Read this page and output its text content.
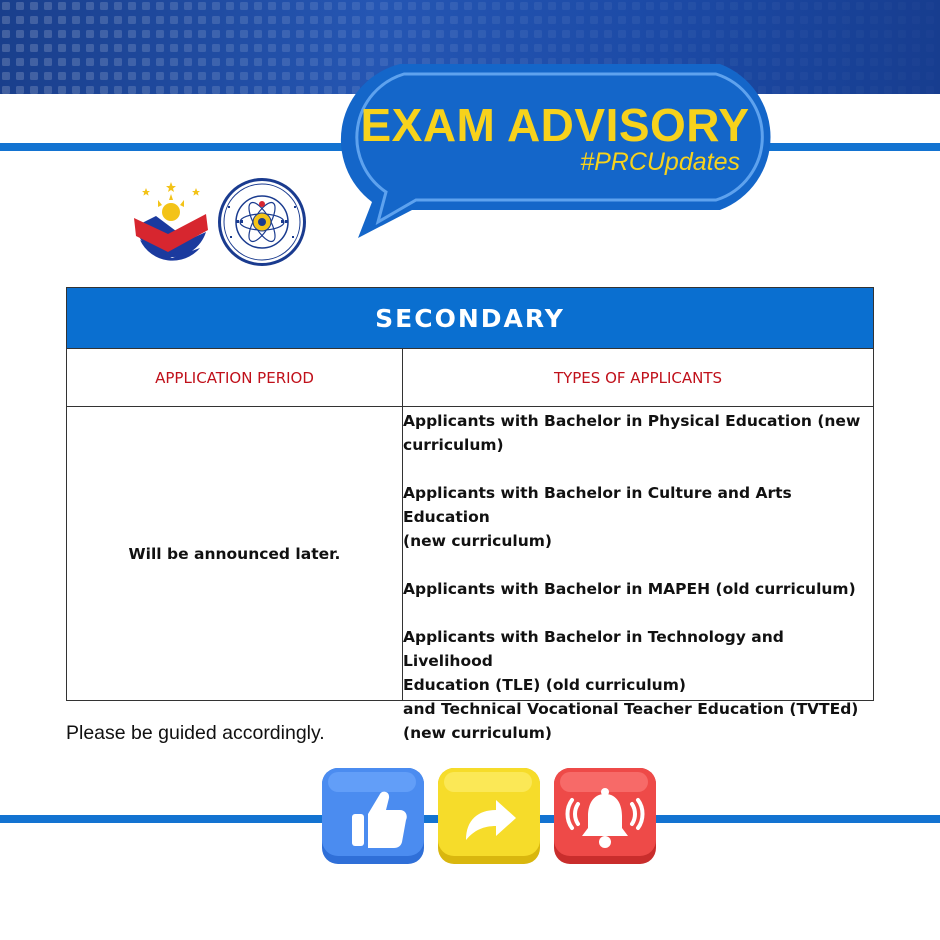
EXAM ADVISORY
#PRCUpdates
SECONDARY
APPLICATION PERIOD	TYPES OF APPLICANTS
Will be announced later.
Applicants with Bachelor in Physical Education (new
curriculum)
Applicants with Bachelor in Culture and Arts Education
(new curriculum)
Applicants with Bachelor in MAPEH (old curriculum)
Applicants with Bachelor in Technology and Livelihood
Education (TLE) (old curriculum)
and Technical Vocational Teacher Education (TVTEd)
(new curriculum)
Please be guided accordingly.
